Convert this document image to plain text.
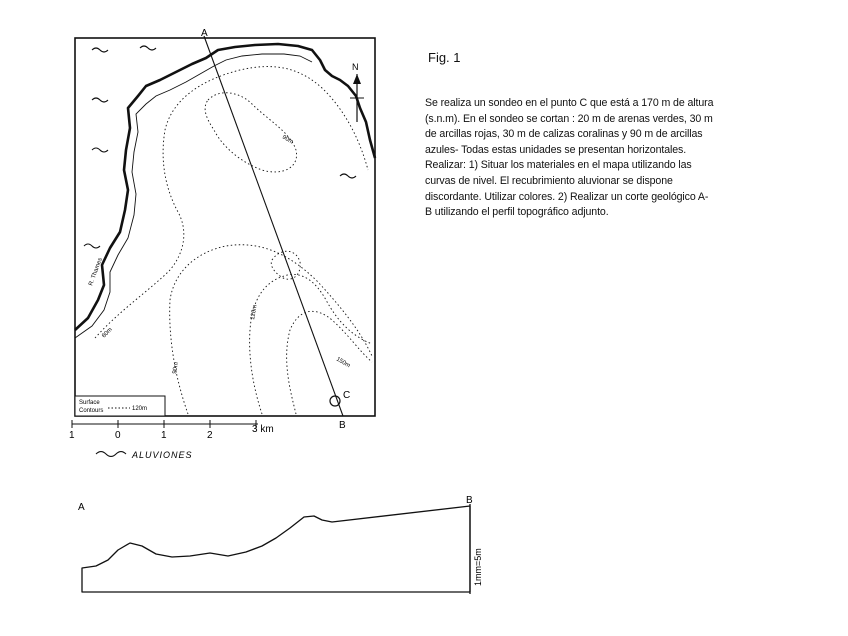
A
B
C
N
R. Thames
60m
90m
120m
150m
90m
Surface
Contours	120m
1	0	1	2
3 km
ALUVIONES
A
B
1mm=5m
Fig. 1

Se realiza un sondeo en el punto C que está a 170 m de altura

(s.n.m). En el sondeo se cortan : 20 m de arenas verdes, 30 m

de arcillas rojas, 30 m de calizas coralinas y 90 m de arcillas

azules- Todas estas unidades se presentan horizontales.

Realizar: 1) Situar los materiales en el mapa utilizando las

curvas de nivel. El recubrimiento aluvionar se dispone

discordante. Utilizar colores. 2) Realizar un corte geológico A-

B utilizando el perfil topográfico adjunto.
